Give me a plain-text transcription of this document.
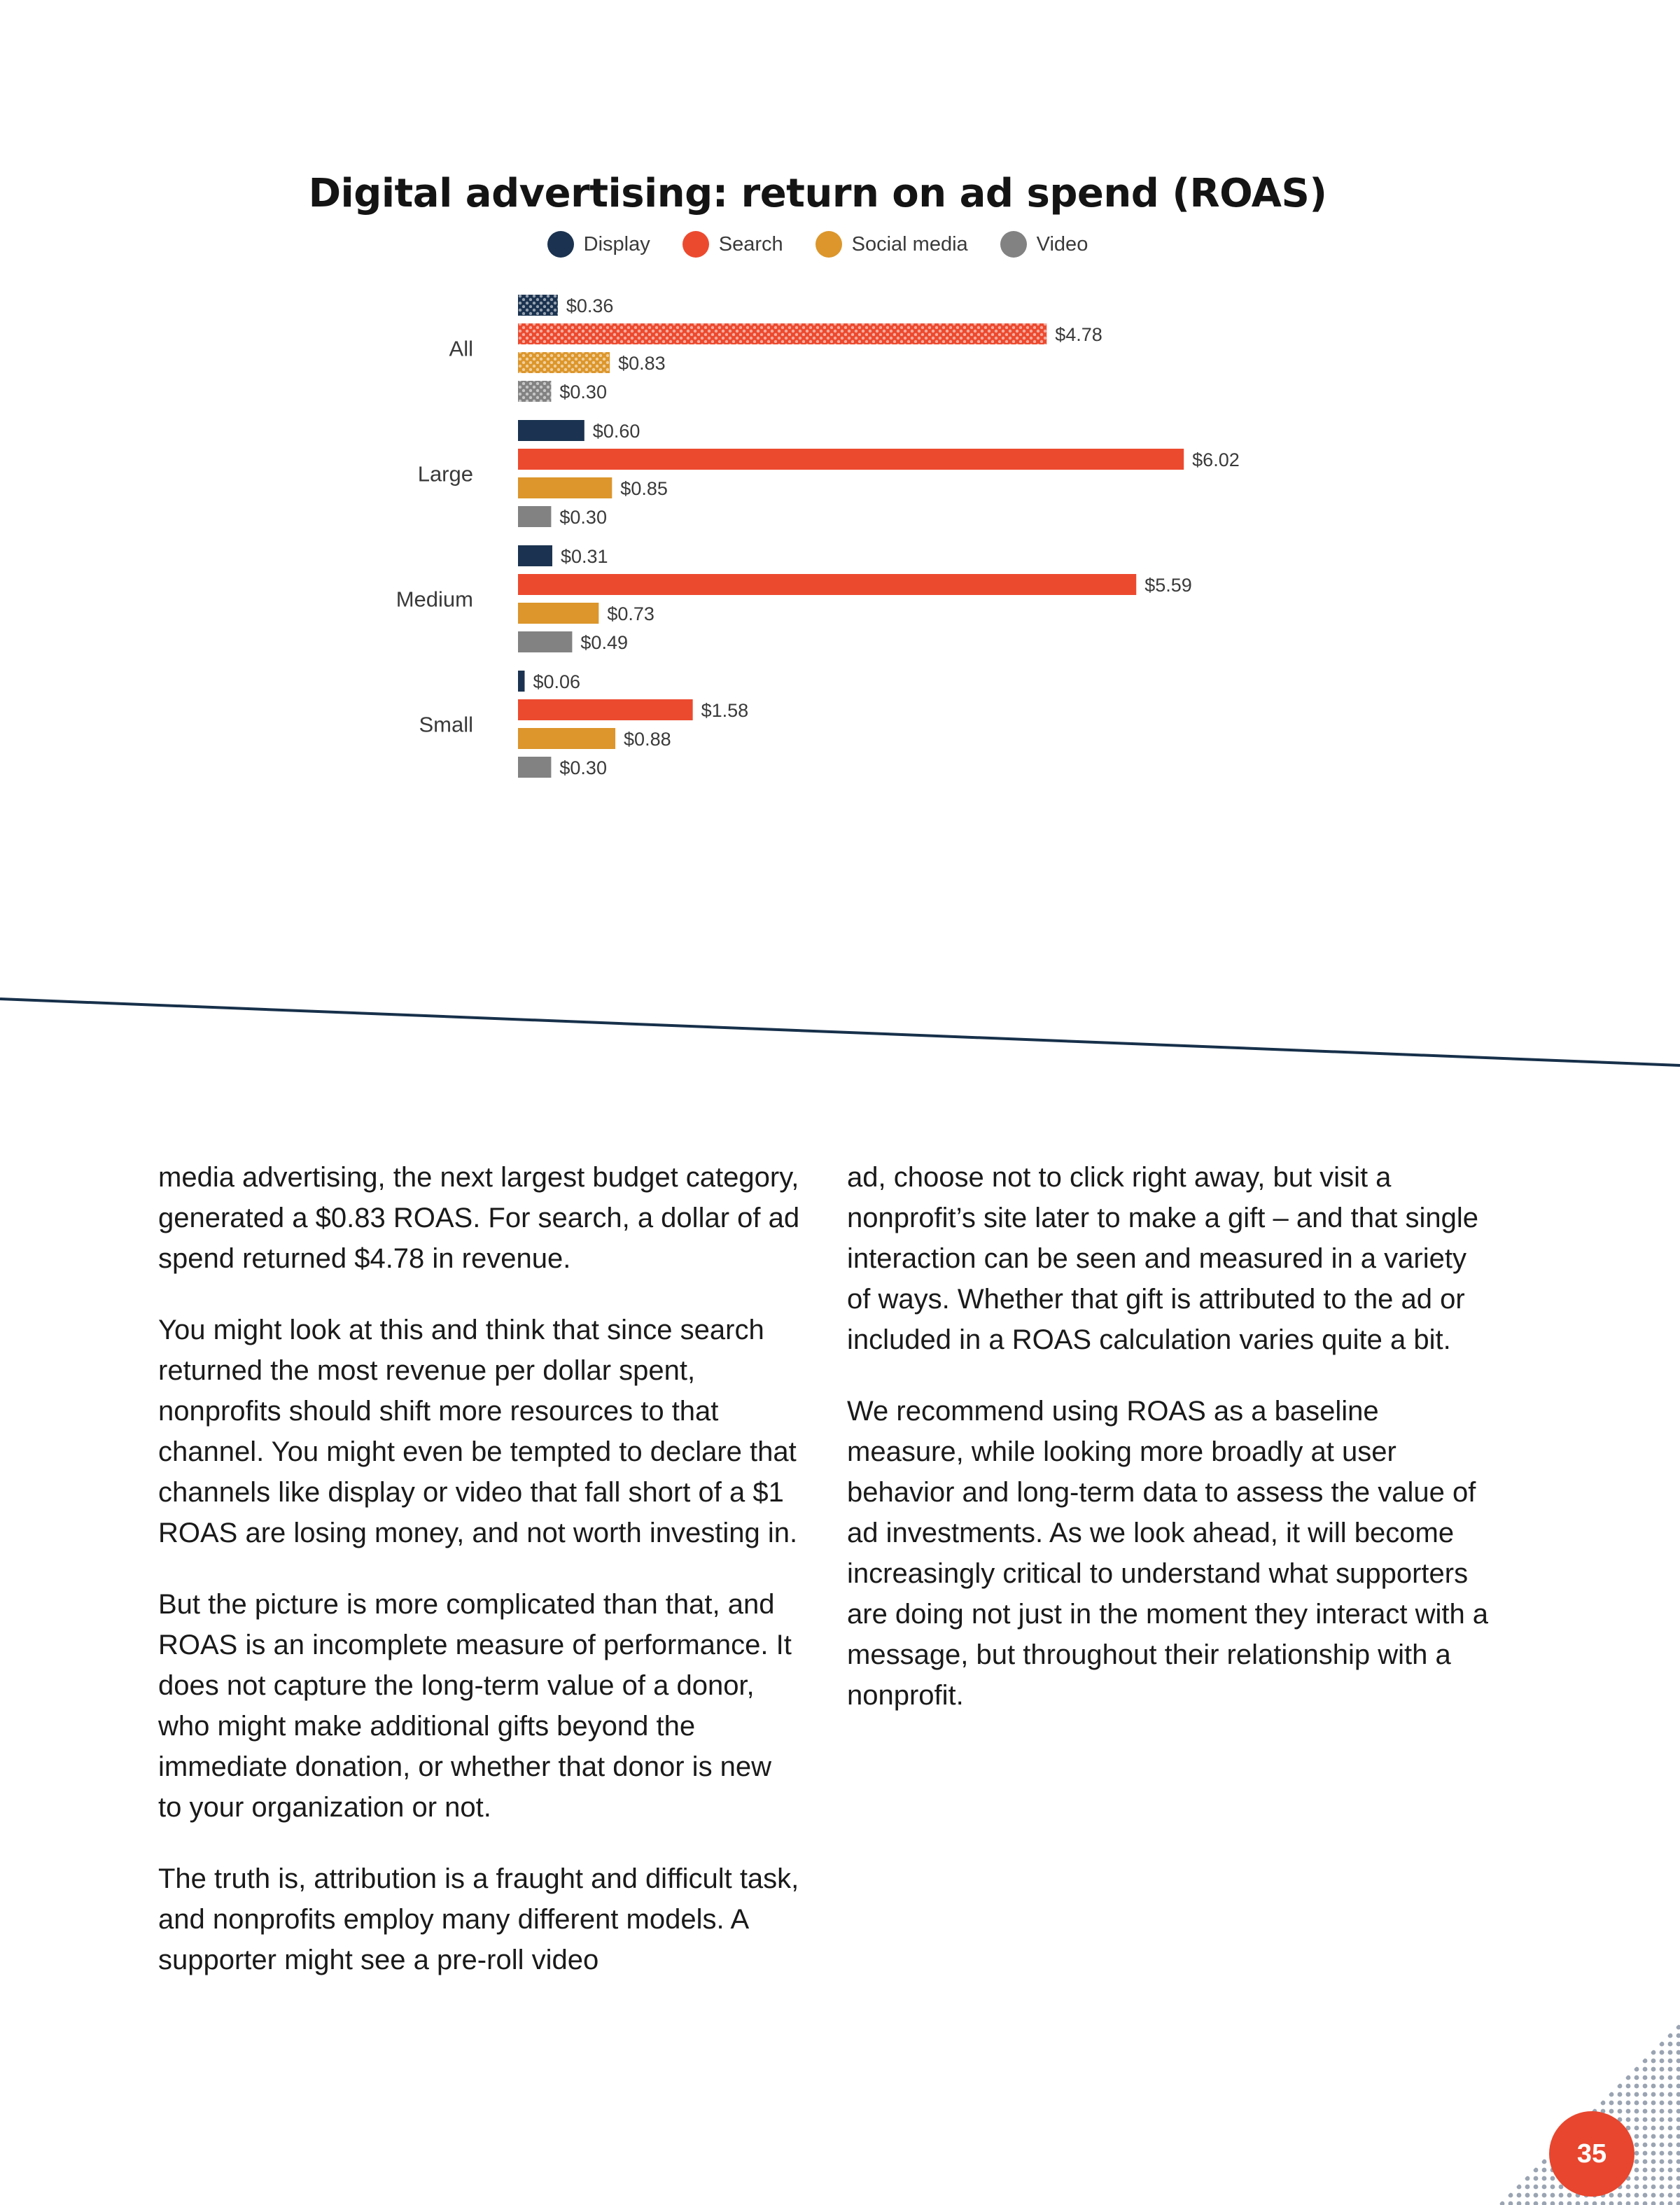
Digital advertising: return on ad spend (ROAS)
Display	Search	Social media	Video
All
$0.36
$4.78
$0.83
$0.30
Large
$0.60
$6.02
$0.85
$0.30
Medium
$0.31
$5.59
$0.73
$0.49
Small
$0.06
$1.58
$0.88
$0.30

media advertising, the next largest budget category, generated a $0.83 ROAS. For search, a dollar of ad spend returned $4.78 in revenue.

You might look at this and think that since search returned the most revenue per dollar spent, nonprofits should shift more resources to that channel. You might even be tempted to declare that channels like display or video that fall short of a $1 ROAS are losing money, and not worth investing in.

But the picture is more complicated than that, and ROAS is an incomplete measure of performance. It does not capture the long-term value of a donor, who might make additional gifts beyond the immediate donation, or whether that donor is new to your organization or not.

The truth is, attribution is a fraught and difficult task, and nonprofits employ many different models. A supporter might see a pre-roll video

ad, choose not to click right away, but visit a nonprofit’s site later to make a gift – and that single interaction can be seen and measured in a variety of ways. Whether that gift is attributed to the ad or included in a ROAS calculation varies quite a bit.

We recommend using ROAS as a baseline measure, while looking more broadly at user behavior and long-term data to assess the value of ad investments. As we look ahead, it will become increasingly critical to understand what supporters are doing not just in the moment they interact with a message, but throughout their relationship with a nonprofit.

35
